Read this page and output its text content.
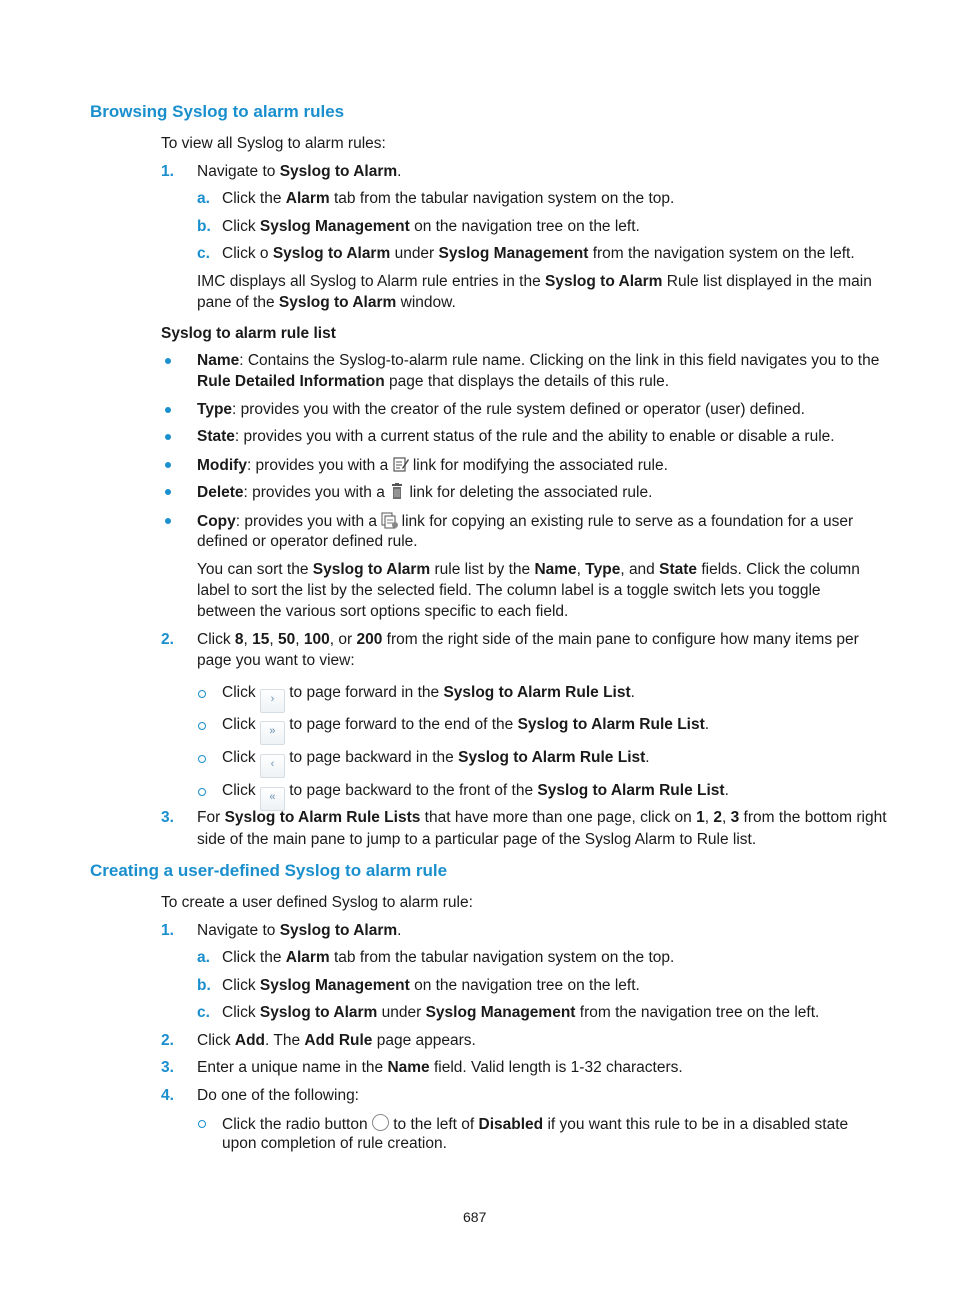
Browsing Syslog to alarm rules
To view all Syslog to alarm rules:
1. Navigate to Syslog to Alarm.
a. Click the Alarm tab from the tabular navigation system on the top.
b. Click Syslog Management on the navigation tree on the left.
c. Click o Syslog to Alarm under Syslog Management from the navigation system on the left.
IMC displays all Syslog to Alarm rule entries in the Syslog to Alarm Rule list displayed in the main
pane of the Syslog to Alarm window.
Syslog to alarm rule list
Name: Contains the Syslog-to-alarm rule name. Clicking on the link in this field navigates you to the
Rule Detailed Information page that displays the details of this rule.
Type: provides you with the creator of the rule system defined or operator (user) defined.
State: provides you with a current status of the rule and the ability to enable or disable a rule.
Modify: provides you with a  link for modifying the associated rule.
Delete: provides you with a  link for deleting the associated rule.
Copy: provides you with a  link for copying an existing rule to serve as a foundation for a user
defined or operator defined rule.
You can sort the Syslog to Alarm rule list by the Name, Type, and State fields. Click the column
label to sort the list by the selected field. The column label is a toggle switch lets you toggle
between the various sort options specific to each field.
2. Click 8, 15, 50, 100, or 200 from the right side of the main pane to configure how many items per
page you want to view:
Click › to page forward in the Syslog to Alarm Rule List.
Click » to page forward to the end of the Syslog to Alarm Rule List.
Click ‹ to page backward in the Syslog to Alarm Rule List.
Click « to page backward to the front of the Syslog to Alarm Rule List.
3. For Syslog to Alarm Rule Lists that have more than one page, click on 1, 2, 3 from the bottom right
side of the main pane to jump to a particular page of the Syslog Alarm to Rule list.
Creating a user-defined Syslog to alarm rule
To create a user defined Syslog to alarm rule:
1. Navigate to Syslog to Alarm.
a. Click the Alarm tab from the tabular navigation system on the top.
b. Click Syslog Management on the navigation tree on the left.
c. Click Syslog to Alarm under Syslog Management from the navigation tree on the left.
2. Click Add. The Add Rule page appears.
3. Enter a unique name in the Name field. Valid length is 1-32 characters.
4. Do one of the following:
Click the radio button  to the left of Disabled if you want this rule to be in a disabled state
upon completion of rule creation.
687
